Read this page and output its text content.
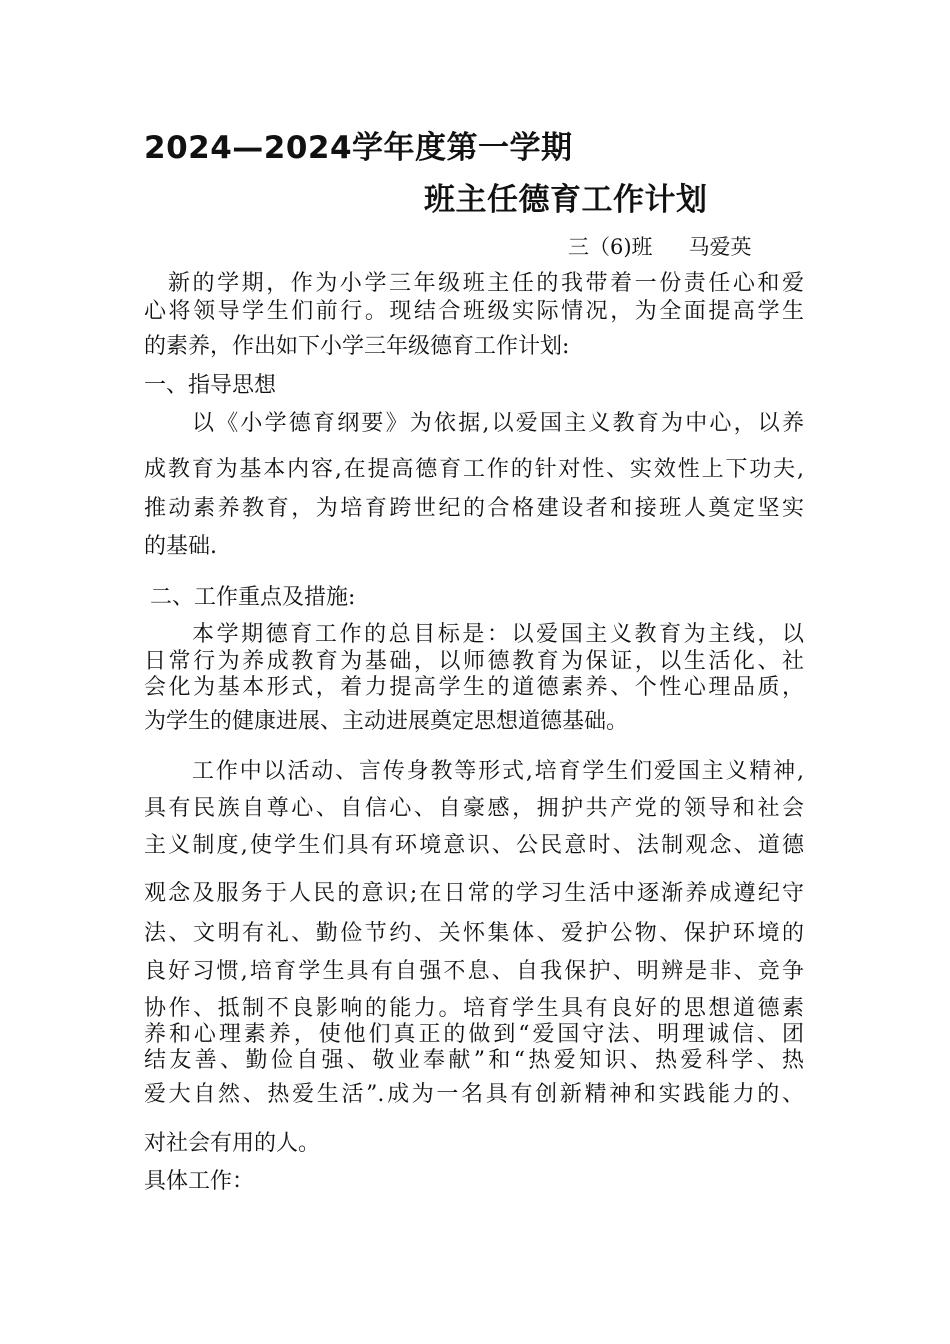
2024—2024学年度第一学期
班主任德育工作计划
三（6)班 马爱英
新的学期，作为小学三年级班主任的我带着一份责任心和爱
心将领导学生们前行。现结合班级实际情况，为全面提高学生
的素养，作出如下小学三年级德育工作计划:
一、指导思想
以《小学德育纲要》为依据,以爱国主义教育为中心，以养
成教育为基本内容,在提高德育工作的针对性、实效性上下功夫,
推动素养教育，为培育跨世纪的合格建设者和接班人奠定坚实
的基础.
二、工作重点及措施:
本学期德育工作的总目标是：以爱国主义教育为主线，以
日常行为养成教育为基础，以师德教育为保证，以生活化、社
会化为基本形式，着力提高学生的道德素养、个性心理品质，
为学生的健康进展、主动进展奠定思想道德基础。
工作中以活动、言传身教等形式,培育学生们爱国主义精神,
具有民族自尊心、自信心、自豪感，拥护共产党的领导和社会
主义制度,使学生们具有环境意识、公民意时、法制观念、道德
观念及服务于人民的意识;在日常的学习生活中逐渐养成遵纪守
法、文明有礼、勤俭节约、关怀集体、爱护公物、保护环境的
良好习惯,培育学生具有自强不息、自我保护、明辨是非、竞争
协作、抵制不良影响的能力。培育学生具有良好的思想道德素
养和心理素养，使他们真正的做到“爱国守法、明理诚信、团
结友善、勤俭自强、敬业奉献”和“热爱知识、热爱科学、热
爱大自然、热爱生活”.成为一名具有创新精神和实践能力的、
对社会有用的人。
具体工作：
